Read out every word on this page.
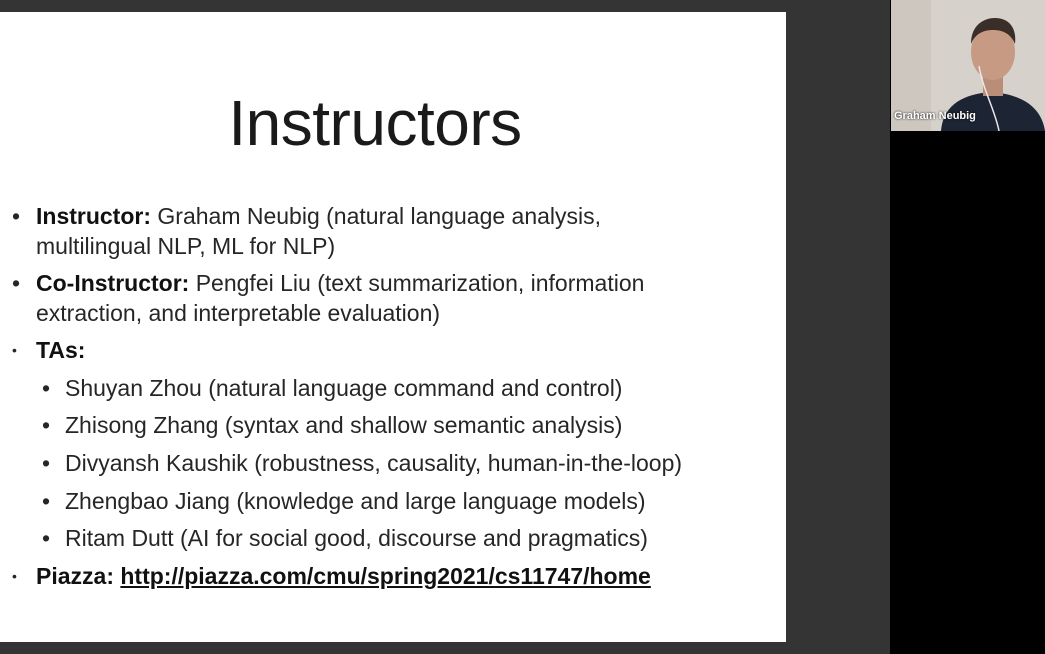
Instructors
• Instructor: Graham Neubig (natural language analysis,
multilingual NLP, ML for NLP)
• Co-Instructor: Pengfei Liu (text summarization, information
extraction, and interpretable evaluation)
• TAs:
• Shuyan Zhou (natural language command and control)
• Zhisong Zhang (syntax and shallow semantic analysis)
• Divyansh Kaushik (robustness, causality, human-in-the-loop)
• Zhengbao Jiang (knowledge and large language models)
• Ritam Dutt (AI for social good, discourse and pragmatics)
• Piazza: http://piazza.com/cmu/spring2021/cs11747/home
Graham Neubig
